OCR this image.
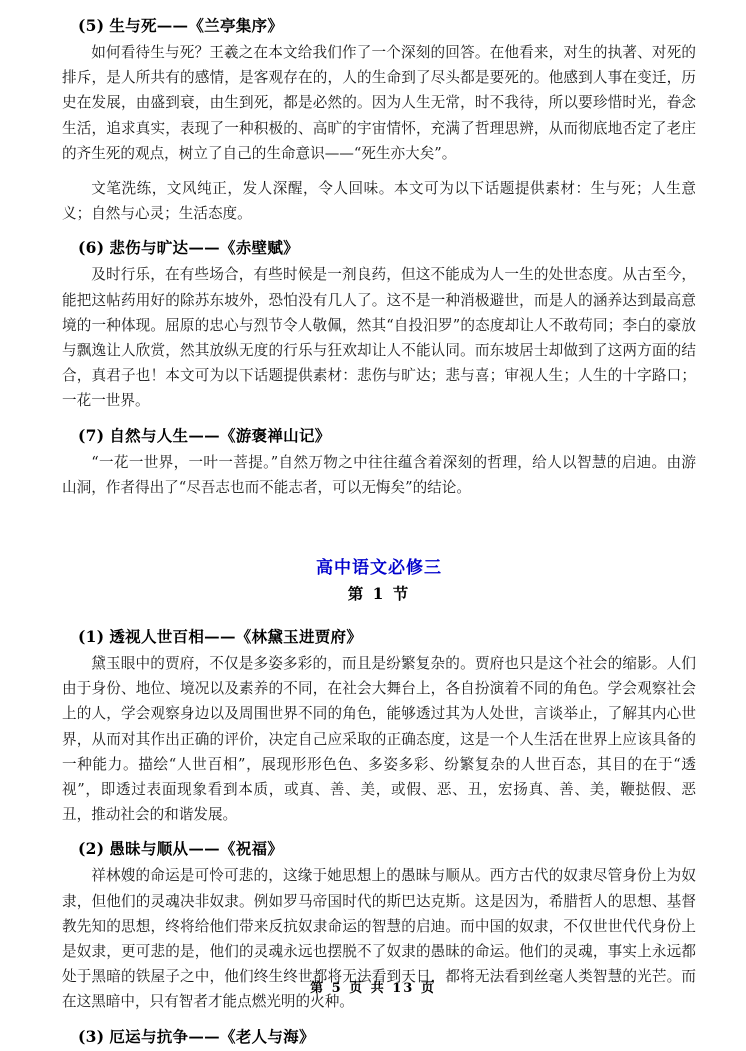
(5) 生与死——《兰亭集序》

如何看待生与死？王羲之在本文给我们作了一个深刻的回答。在他看来，对生的执著、对死的排斥，是人所共有的感情，是客观存在的，人的生命到了尽头都是要死的。他感到人事在变迁，历史在发展，由盛到衰，由生到死，都是必然的。因为人生无常，时不我待，所以要珍惜时光，眷念生活，追求真实，表现了一种积极的、高旷的宇宙情怀，充满了哲理思辨，从而彻底地否定了老庄的齐生死的观点，树立了自己的生命意识——“死生亦大矣”。

文笔洗练，文风纯正，发人深醒，令人回味。本文可为以下话题提供素材：生与死；人生意义；自然与心灵；生活态度。

(6) 悲伤与旷达——《赤壁赋》

及时行乐，在有些场合，有些时候是一剂良药，但这不能成为人一生的处世态度。从古至今，能把这帖药用好的除苏东坡外，恐怕没有几人了。这不是一种消极避世，而是人的涵养达到最高意境的一种体现。屈原的忠心与烈节令人敬佩，然其“自投汨罗”的态度却让人不敢苟同；李白的豪放与飘逸让人欣赏，然其放纵无度的行乐与狂欢却让人不能认同。而东坡居士却做到了这两方面的结合，真君子也！本文可为以下话题提供素材：悲伤与旷达；悲与喜；审视人生；人生的十字路口；一花一世界。

(7) 自然与人生——《游褒禅山记》

“一花一世界，一叶一菩提。”自然万物之中往往蕴含着深刻的哲理，给人以智慧的启迪。由游山洞，作者得出了“尽吾志也而不能志者，可以无悔矣”的结论。

高中语文必修三
第 1 节
(1) 透视人世百相——《林黛玉进贾府》

黛玉眼中的贾府，不仅是多姿多彩的，而且是纷繁复杂的。贾府也只是这个社会的缩影。人们由于身份、地位、境况以及素养的不同，在社会大舞台上，各自扮演着不同的角色。学会观察社会上的人，学会观察身边以及周围世界不同的角色，能够透过其为人处世，言谈举止，了解其内心世界，从而对其作出正确的评价，决定自己应采取的正确态度，这是一个人生活在世界上应该具备的一种能力。描绘“人世百相”，展现形形色色、多姿多彩、纷繁复杂的人世百态，其目的在于“透视”，即透过表面现象看到本质，或真、善、美，或假、恶、丑，宏扬真、善、美，鞭挞假、恶丑，推动社会的和谐发展。

(2) 愚昧与顺从——《祝福》

祥林嫂的命运是可怜可悲的，这缘于她思想上的愚昧与顺从。西方古代的奴隶尽管身份上为奴隶，但他们的灵魂决非奴隶。例如罗马帝国时代的斯巴达克斯。这是因为，希腊哲人的思想、基督教先知的思想，终将给他们带来反抗奴隶命运的智慧的启迪。而中国的奴隶，不仅世世代代身份上是奴隶，更可悲的是，他们的灵魂永远也摆脱不了奴隶的愚昧的命运。他们的灵魂，事实上永远都处于黑暗的铁屋子之中，他们终生终世都将无法看到天日，都将无法看到丝毫人类智慧的光芒。而在这黑暗中，只有智者才能点燃光明的火种。

(3) 厄运与抗争——《老人与海》
第 5 页 共 13 页
